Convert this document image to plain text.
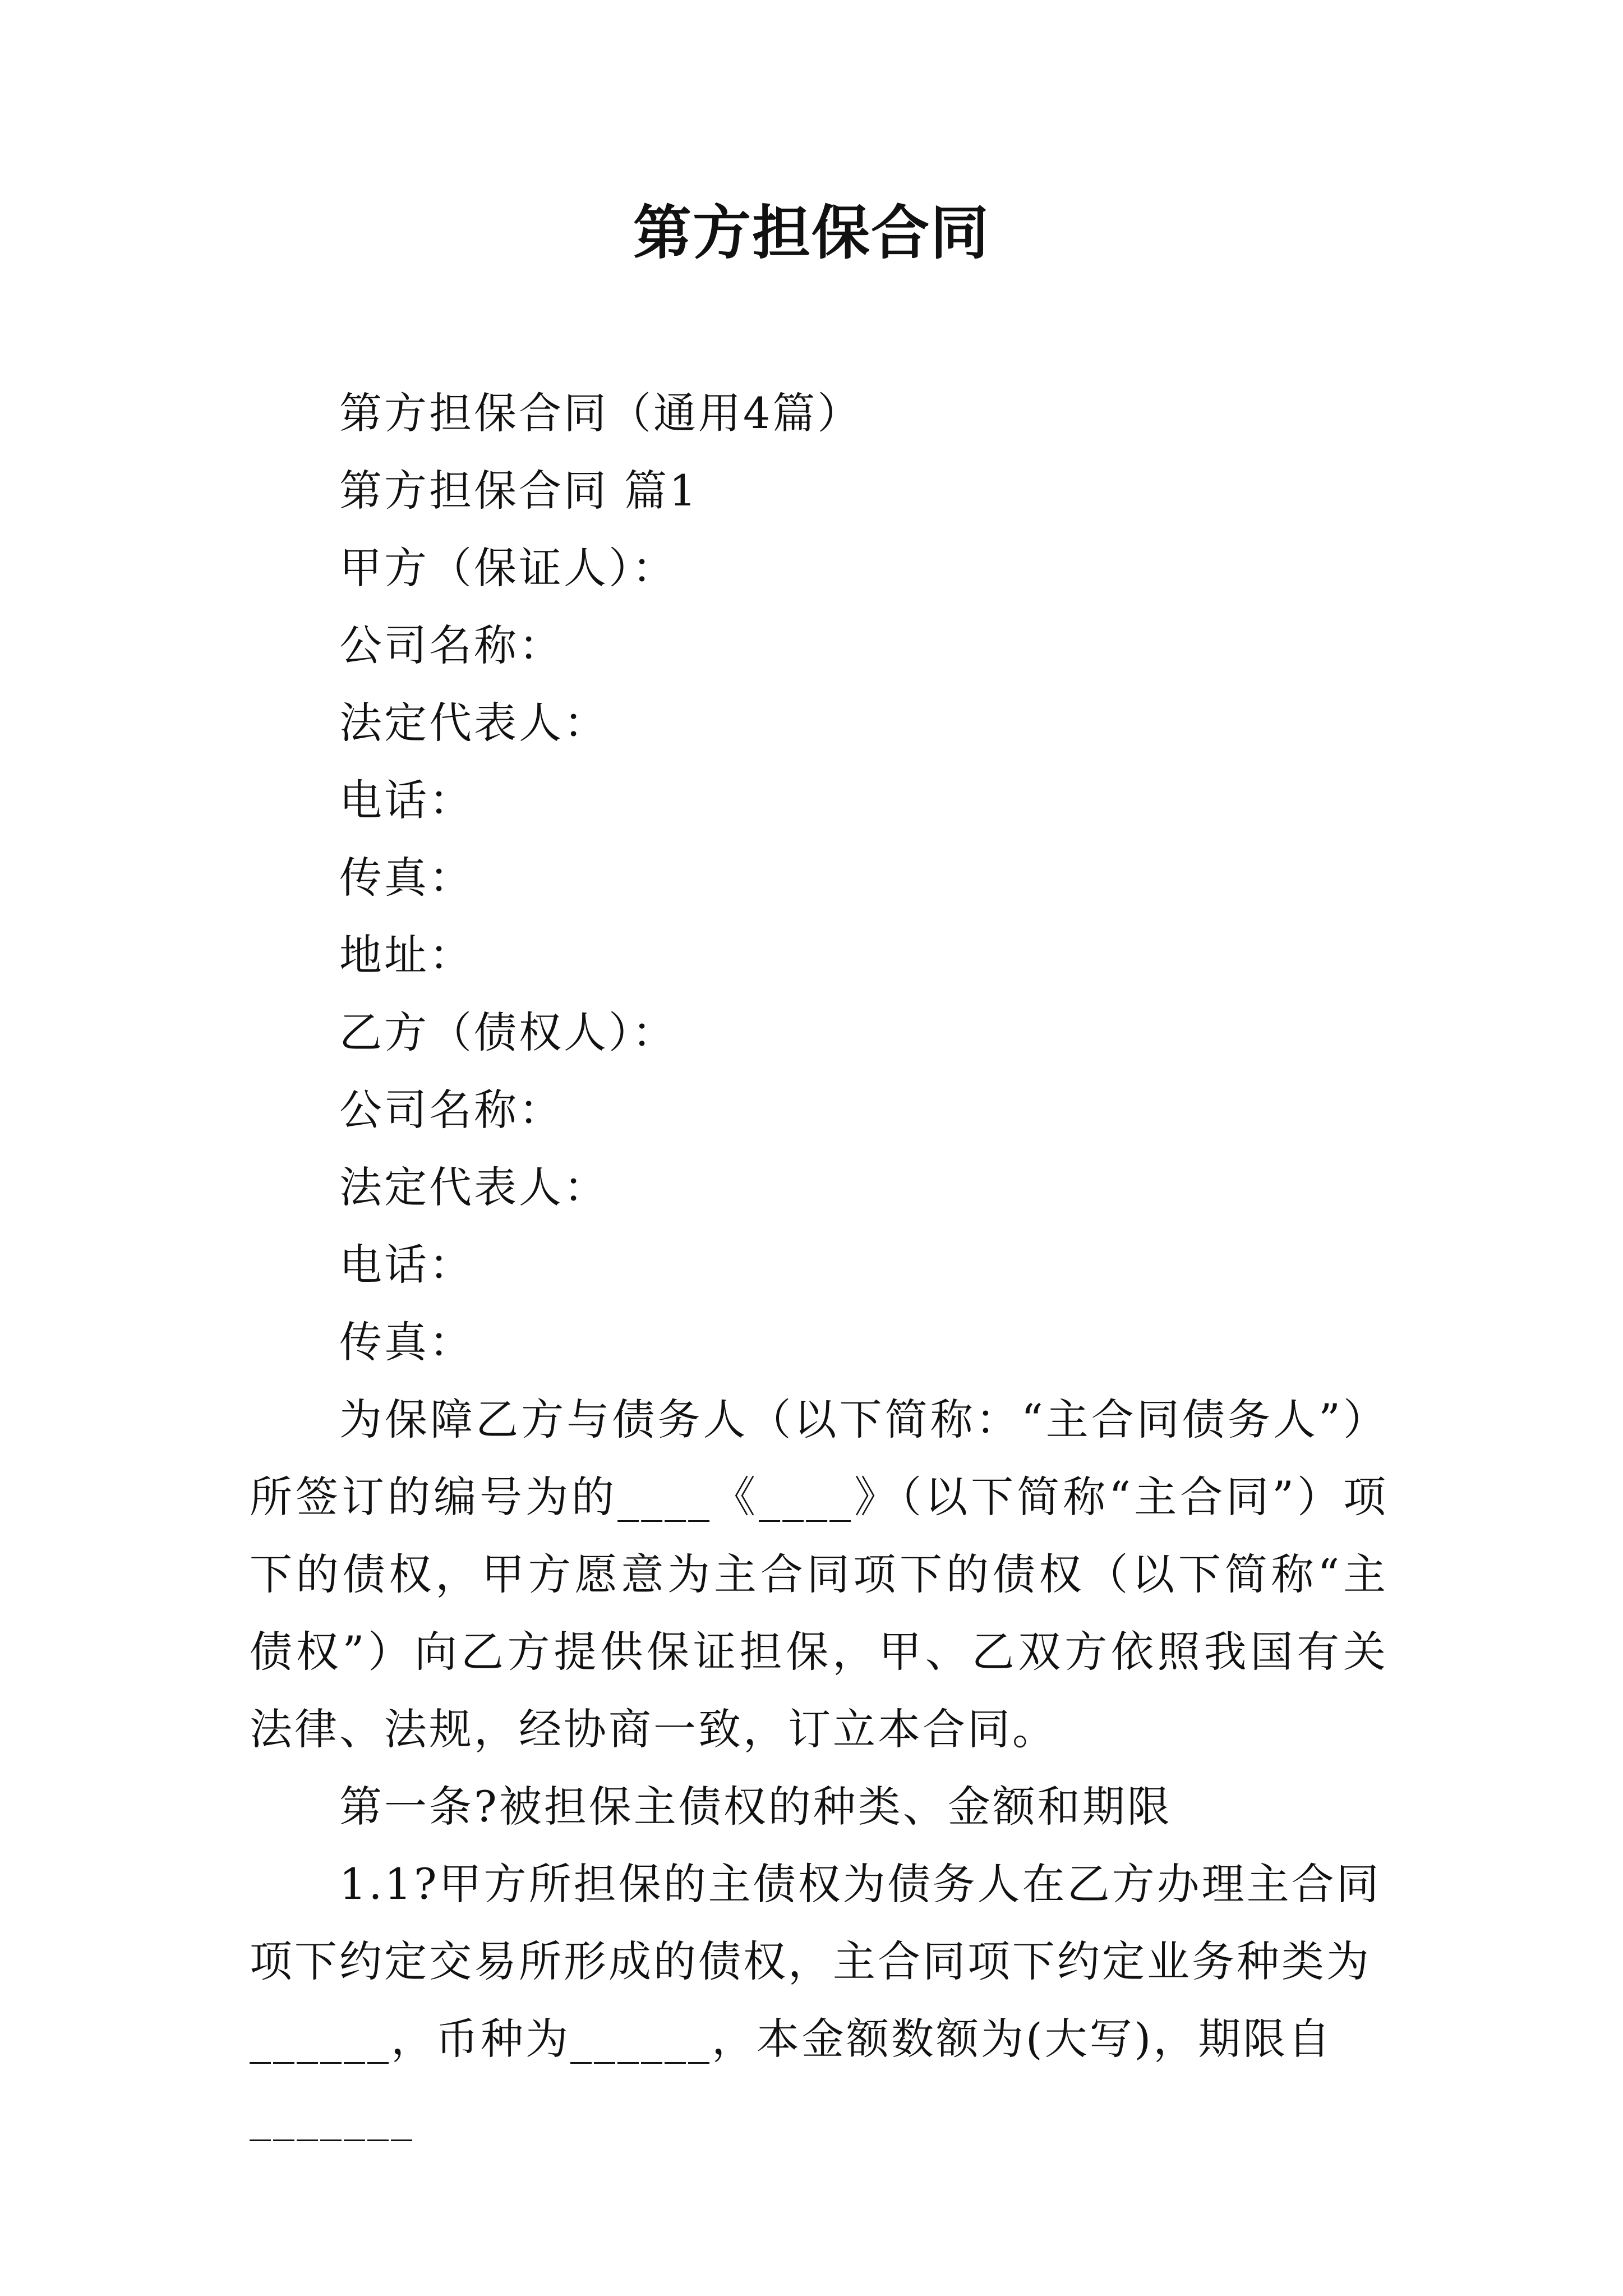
第方担保合同

第方担保合同（通用4篇）

第方担保合同 篇1

甲方（保证人）：

公司名称：

法定代表人：

电话：

传真：

地址：

乙方（债权人）：

公司名称：

法定代表人：

电话：

传真：

为保障乙方与债务人（以下简称：“主合同债务人”）所签订的编号为的____《____》（以下简称“主合同”）项下的债权，甲方愿意为主合同项下的债权（以下简称“主债权”）向乙方提供保证担保，甲、乙双方依照我国有关法律、法规，经协商一致，订立本合同。

第一条?被担保主债权的种类、金额和期限

1.1?甲方所担保的主债权为债务人在乙方办理主合同项下约定交易所形成的债权，主合同项下约定业务种类为______，币种为______，本金额数额为(大写)，期限自_______
